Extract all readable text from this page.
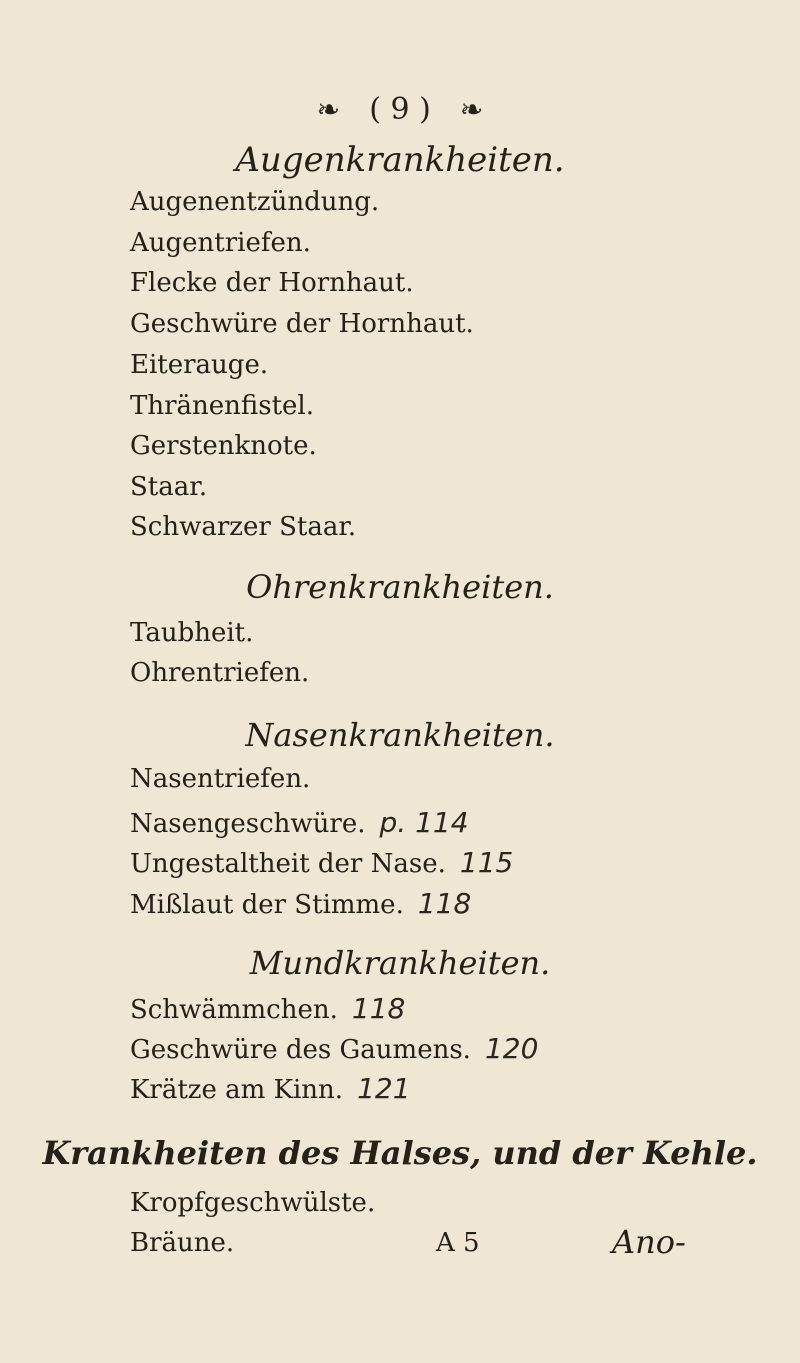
❧ ( 9 ) ❧
Augenkrankheiten.
Augenentzündung.
Augentriefen.
Flecke der Hornhaut.
Geschwüre der Hornhaut.
Eiterauge.
Thränenfistel.
Gerstenknote.
Staar.
Schwarzer Staar.
Ohrenkrankheiten.
Taubheit.
Ohrentriefen.
Nasenkrankheiten.
Nasentriefen.
Nasengeschwüre. p. 114
Ungestaltheit der Nase. 115
Mißlaut der Stimme. 118
Mundkrankheiten.
Schwämmchen. 118
Geschwüre des Gaumens. 120
Krätze am Kinn. 121
Krankheiten des Halses, und der Kehle.
Kropfgeschwülste.
Bräune.	A 5	Ano-
